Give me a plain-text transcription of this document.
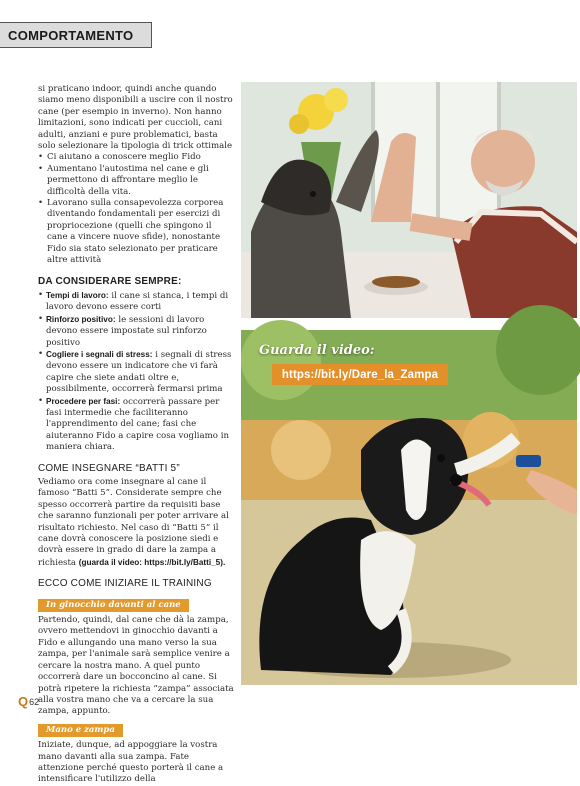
COMPORTAMENTO

si praticano indoor, quindi anche quando siamo meno disponibili a uscire con il nostro cane (per esempio in inverno). Non hanno limitazioni, sono indicati per cuccioli, cani adulti, anziani e pure problematici, basta solo selezionare la tipologia di trick ottimale

• Ci aiutano a conoscere meglio Fido
• Aumentano l'autostima nel cane e gli permettono di affrontare meglio le difficoltà della vita.
• Lavorano sulla consapevolezza corporea diventando fondamentali per esercizi di propriocezione (quelli che spingono il cane a vincere nuove sfide), nonostante Fido sia stato selezionato per praticare altre attività
DA CONSIDERARE SEMPRE:
• Tempi di lavoro: il cane si stanca, i tempi di lavoro devono essere corti
• Rinforzo positivo: le sessioni di lavoro devono essere impostate sul rinforzo positivo
• Cogliere i segnali di stress: i segnali di stress devono essere un indicatore che vi farà capire che siete andati oltre e, possibilmente, occorrerà fermarsi prima
• Procedere per fasi: occorrerà passare per fasi intermedie che faciliteranno l'apprendimento del cane; fasi che aiuteranno Fido a capire cosa vogliamo in maniera chiara.
COME INSEGNARE “BATTI 5”

Vediamo ora come insegnare al cane il famoso “Batti 5”. Considerate sempre che spesso occorrerà partire da requisiti base che saranno funzionali per poter arrivare al risultato richiesto. Nel caso di “Batti 5” il cane dovrà conoscere la posizione siedi e dovrà essere in grado di dare la zampa a richiesta (guarda il video: https://bit.ly/Batti_5).

ECCO COME INIZIARE IL TRAINING
In ginocchio davanti al cane

Partendo, quindi, dal cane che dà la zampa, ovvero mettendovi in ginocchio davanti a Fido e allungando una mano verso la sua zampa, per l'animale sarà semplice venire a cercare la nostra mano. A quel punto occorrerà dare un bocconcino al cane. Si potrà ripetere la richiesta “zampa” associata alla vostra mano che va a cercare la sua zampa, appunto.

Mano e zampa

Iniziate, dunque, ad appoggiare la vostra mano davanti alla sua zampa. Fate attenzione perché questo porterà il cane a intensificare l'utilizzo della

Guarda il video:
https://bit.ly/Dare_la_Zampa
Q 62
